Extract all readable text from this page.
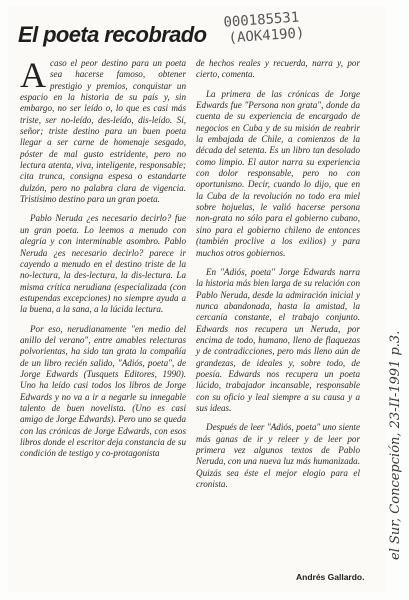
El poeta recobrado
000185531
(AOK4190)

Acaso el peor destino para un poeta sea hacerse famoso, obtener prestigio y premios, conquistar un espacio en la historia de su país y, sin embargo, no ser leído o, lo que es casi más triste, ser no-leído, des-leído, dis-leído. Sí, señor; triste destino para un buen poeta llegar a ser carne de homenaje sesgado, póster de mal gusto estridente, pero no lectura atenta, viva, inteligente, responsable; cita trunca, consigna espesa o estandarte dulzón, pero no palabra clara de vigencia. Tristísimo destino para un gran poeta.

Pablo Neruda ¿es necesario decirlo? fue un gran poeta. Lo leemos a menudo con alegría y con interminable asombro. Pablo Neruda ¿es necesario decirlo? parece ir cayendo a menudo en el destino triste de la no-lectura, la des-lectura, la dis-lectura. La misma crítica nerudiana (especializada (con estupendas excepciones) no siempre ayuda a la buena, a la sana, a la lúcida lectura.

Por eso, nerudianamente "en medio del anillo del verano", entre amables relecturas polvorientas, ha sido tan grata la compañía de un libro recién salido, "Adiós, poeta", de Jorge Edwards (Tusquets Editores, 1990). Uno ha leído casi todos los libros de Jorge Edwards y no va a ir a negarle su innegable talento de buen novelista. (Uno es casi amigo de Jorge Edwards). Pero uno se queda con las crónicas de Jorge Edwards, con esos libros donde el escritor deja constancia de su condición de testigo y co-protagonista

de hechos reales y recuerda, narra y, por cierto, comenta.

La primera de las crónicas de Jorge Edwards fue "Persona non grata", donde da cuenta de su experiencia de encargado de negocios en Cuba y de su misión de reabrir la embajada de Chile, a comienzos de la década del setenta. Es un libro tan desolado como limpio. El autor narra su experiencia con dolor responsable, pero no con oportunismo. Decir, cuando lo dijo, que en la Cuba de la revolución no todo era miel sobre hojuelas, le valió hacerse persona non-grata no sólo para el gobierno cubano, sino para el gobierno chileno de entonces (también proclive a los exilios) y para muchos otros gobiernos.

En "Adiós, poeta" Jorge Edwards narra la historia más bien larga de su relación con Pablo Neruda, desde la admiración inicial y nunca abandonada, hasta la amistad, la cercanía constante, el trabajo conjunto. Edwards nos recupera un Neruda, por encima de todo, humano, lleno de flaquezas y de contradicciones, pero más lleno aún de grandezas, de ideales y, sobre todo, de poesía. Edwards nos recupera un poeta lúcido, trabajador incansable, responsable con su oficio y leal siempre a su causa y a sus ideas.

Después de leer "Adiós, poeta" uno siente más ganas de ir y releer y de leer por primera vez algunos textos de Pablo Neruda, con una nueva luz más humanizada. Quizás sea éste el mejor elogio para el cronista.

Andrés Gallardo.
el Sur, Concepción, 23-II-1991 p.3.
